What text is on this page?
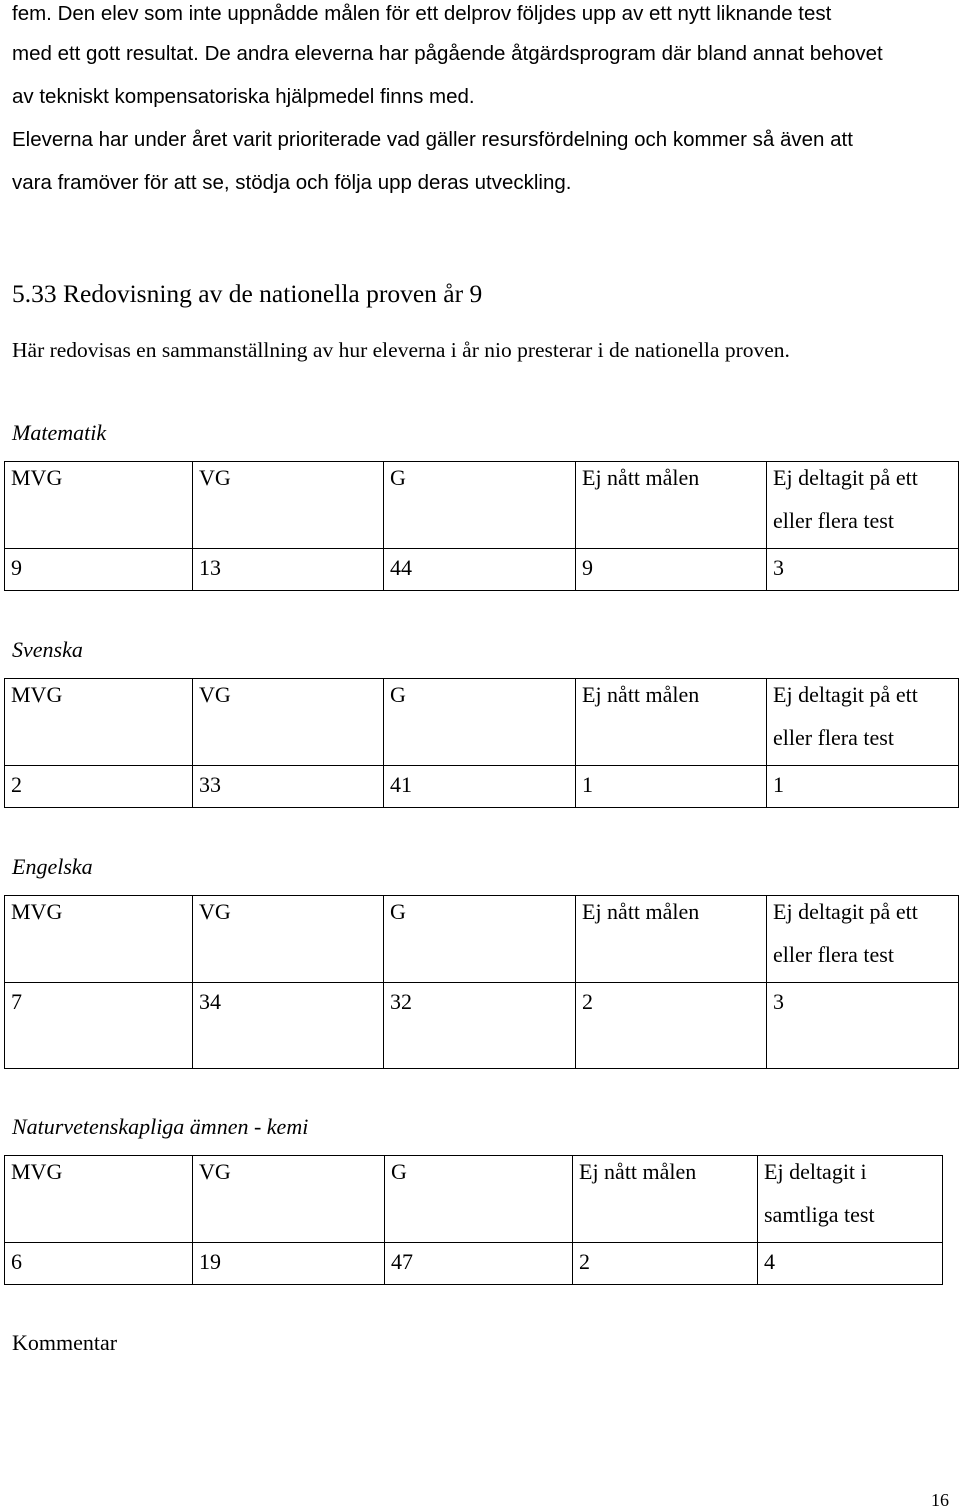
fem. Den elev som inte uppnådde målen för ett delprov följdes upp av ett nytt liknande test
med ett gott resultat. De andra eleverna har pågående åtgärdsprogram där bland annat behovet
av tekniskt kompensatoriska hjälpmedel finns med.
Eleverna har under året varit prioriterade vad gäller resursfördelning och kommer så även att
vara framöver för att se, stödja och följa upp deras utveckling.
5.33 Redovisning av de nationella proven år 9
Här redovisas en sammanställning av hur eleverna i år nio presterar i de nationella proven.
Matematik
MVG	VG	G	Ej nått målen	Ej deltagit på ett
eller flera test

9	13	44	9	3
Svenska
MVG	VG	G	Ej nått målen	Ej deltagit på ett
eller flera test

2	33	41	1	1
Engelska
MVG	VG	G	Ej nått målen	Ej deltagit på ett
eller flera test

7	34	32	2	3
Naturvetenskapliga ämnen - kemi
MVG	VG	G	Ej nått målen	Ej deltagit i
samtliga test

6	19	47	2	4
Kommentar
16
